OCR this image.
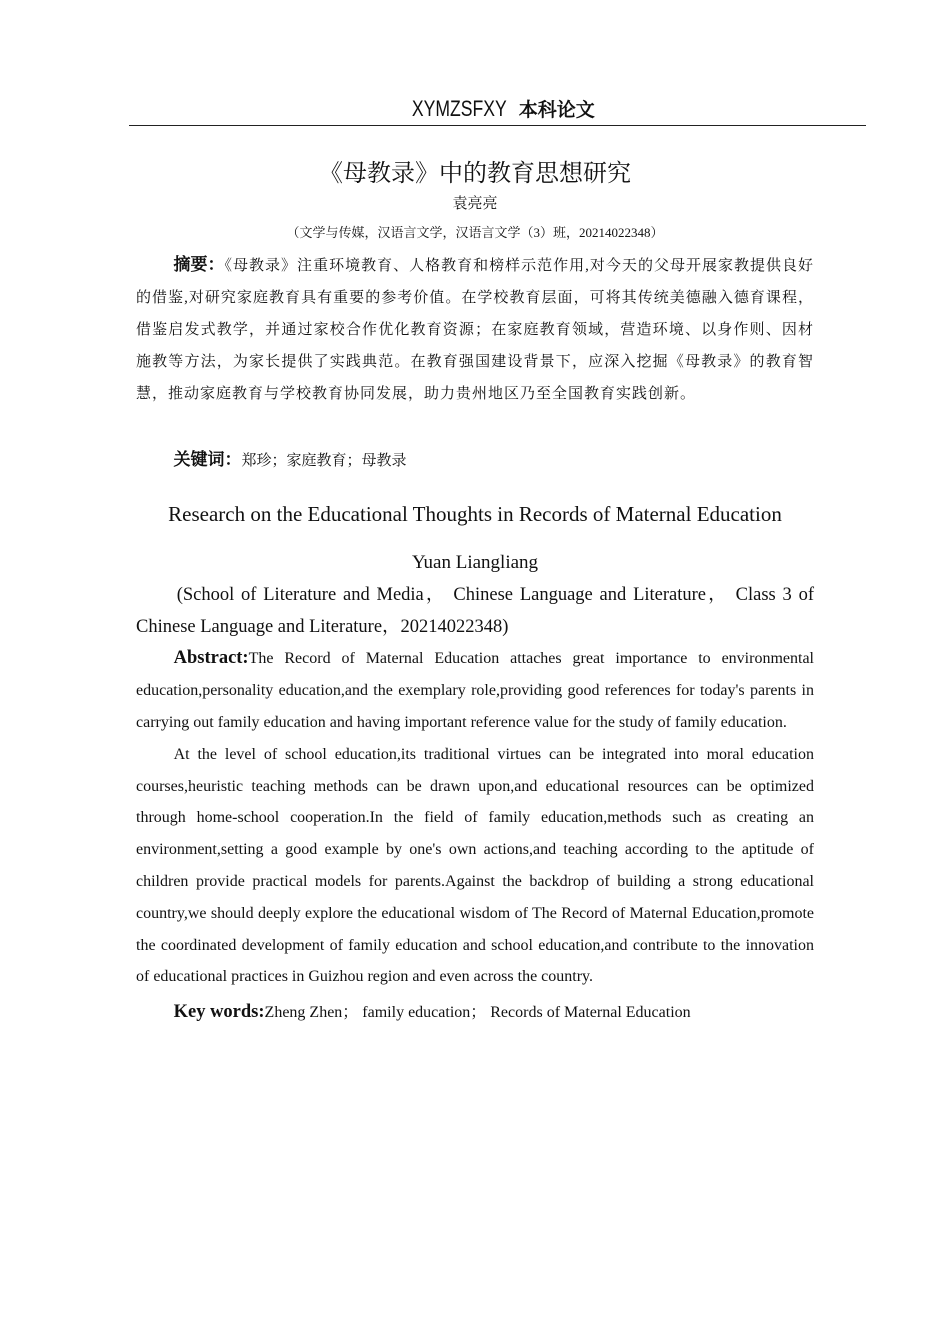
XYMZSFXY 本科论文
《母教录》中的教育思想研究
袁亮亮
（文学与传媒，汉语言文学，汉语言文学（3）班，20214022348）
摘要：《母教录》注重环境教育、人格教育和榜样示范作用,对今天的父母开展家教提供良好的借鉴,对研究家庭教育具有重要的参考价值。在学校教育层面，可将其传统美德融入德育课程，借鉴启发式教学，并通过家校合作优化教育资源；在家庭教育领域，营造环境、以身作则、因材施教等方法，为家长提供了实践典范。在教育强国建设背景下，应深入挖掘《母教录》的教育智慧，推动家庭教育与学校教育协同发展，助力贵州地区乃至全国教育实践创新。
关键词：郑珍；家庭教育；母教录
Research on the Educational Thoughts in Records of Maternal Education
Yuan Liangliang
(School of Literature and Media， Chinese Language and Literature， Class 3 of Chinese Language and Literature，20214022348)

Abstract:The Record of Maternal Education attaches great importance to environmental education,personality education,and the exemplary role,providing good references for today's parents in carrying out family education and having important reference value for the study of family education.

At the level of school education,its traditional virtues can be integrated into moral education courses,heuristic teaching methods can be drawn upon,and educational resources can be optimized through home-school cooperation.In the field of family education,methods such as creating an environment,setting a good example by one's own actions,and teaching according to the aptitude of children provide practical models for parents.Against the backdrop of building a strong educational country,we should deeply explore the educational wisdom of The Record of Maternal Education,promote the coordinated development of family education and school education,and contribute to the innovation of educational practices in Guizhou region and even across the country.

Key words:Zheng Zhen； family education； Records of Maternal Education
